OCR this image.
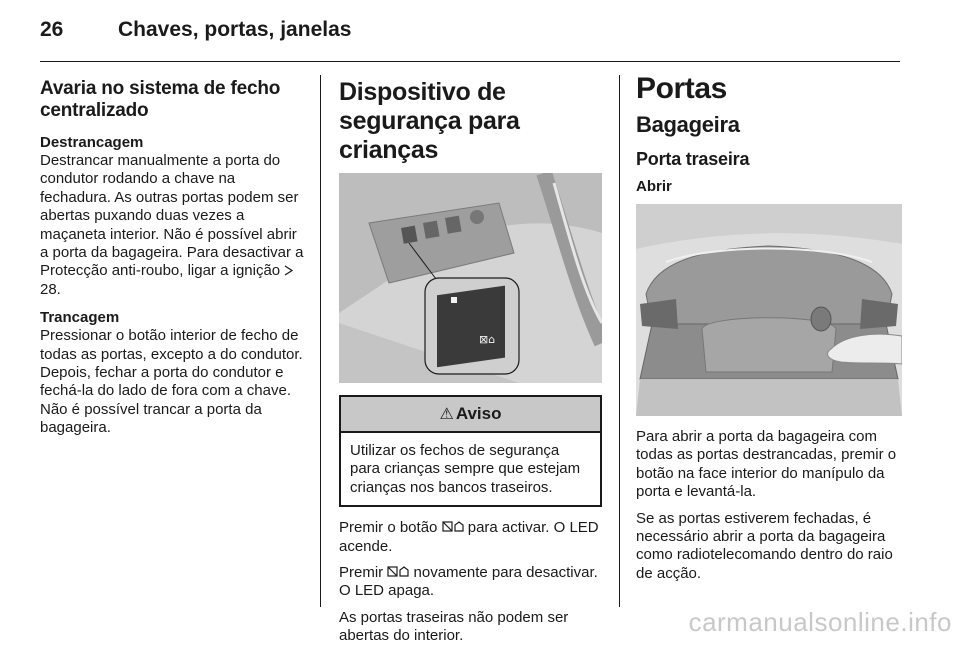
26	Chaves, portas, janelas
Avaria no sistema de fecho centralizado
Destrancagem

Destrancar manualmente a porta do condutor rodando a chave na fechadura. As outras portas podem ser abertas puxando duas vezes a maçaneta interior. Não é possível abrir a porta da bagageira. Para desactivar a Protecção anti-roubo, ligar a ignição  28.

Trancagem

Pressionar o botão interior de fecho de todas as portas, excepto a do condutor. Depois, fechar a porta do condutor e fechá-la do lado de fora com a chave. Não é possível trancar a porta da bagageira.

Dispositivo de segurança para crianças
⊠⌂
⚠ Aviso
Utilizar os fechos de segurança para crianças sempre que estejam crianças nos bancos traseiros.

Premir o botão para activar. O LED acende.

Premir novamente para desactivar. O LED apaga.

As portas traseiras não podem ser abertas do interior.

Portas
Bagageira
Porta traseira
Abrir

Para abrir a porta da bagageira com todas as portas destrancadas, premir o botão na face interior do manípulo da porta e levantá-la.

Se as portas estiverem fechadas, é necessário abrir a porta da bagageira como radiotelecomando dentro do raio de acção.

carmanualsonline.info
